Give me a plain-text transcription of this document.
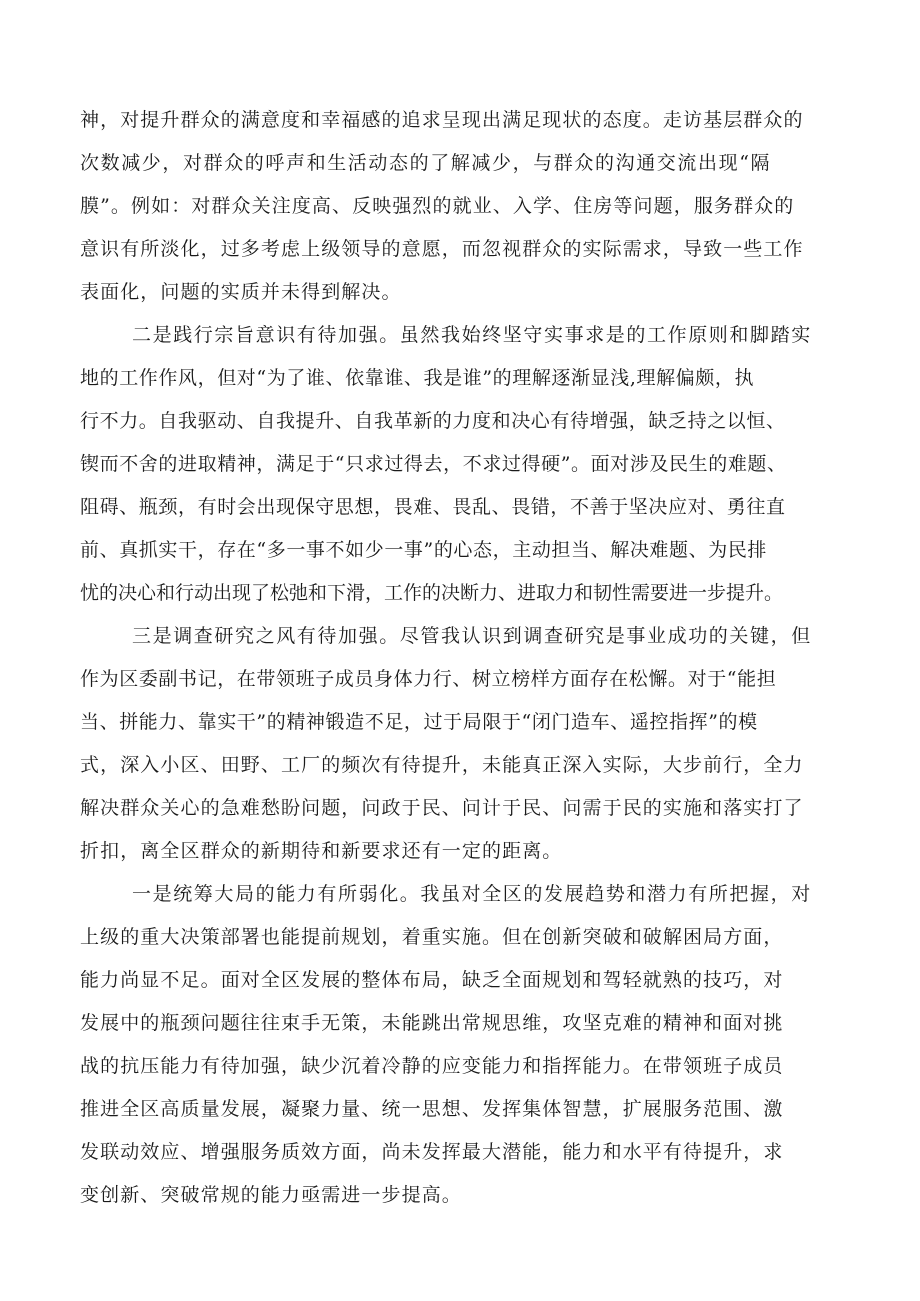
神，对提升群众的满意度和幸福感的追求呈现出满足现状的态度。走访基层群众的
次数减少，对群众的呼声和生活动态的了解减少，与群众的沟通交流出现“隔
膜”。例如：对群众关注度高、反映强烈的就业、入学、住房等问题，服务群众的
意识有所淡化，过多考虑上级领导的意愿，而忽视群众的实际需求，导致一些工作
表面化，问题的实质并未得到解决。
二是践行宗旨意识有待加强。虽然我始终坚守实事求是的工作原则和脚踏实
地的工作作风，但对“为了谁、依靠谁、我是谁”的理解逐渐显浅,理解偏颇，执
行不力。自我驱动、自我提升、自我革新的力度和决心有待增强，缺乏持之以恒、
锲而不舍的进取精神，满足于“只求过得去，不求过得硬”。面对涉及民生的难题、
阻碍、瓶颈，有时会出现保守思想，畏难、畏乱、畏错，不善于坚决应对、勇往直
前、真抓实干，存在“多一事不如少一事”的心态，主动担当、解决难题、为民排
忧的决心和行动出现了松弛和下滑，工作的决断力、进取力和韧性需要进一步提升。
三是调查研究之风有待加强。尽管我认识到调查研究是事业成功的关键，但
作为区委副书记，在带领班子成员身体力行、树立榜样方面存在松懈。对于“能担
当、拼能力、靠实干”的精神锻造不足，过于局限于“闭门造车、遥控指挥”的模
式，深入小区、田野、工厂的频次有待提升，未能真正深入实际，大步前行，全力
解决群众关心的急难愁盼问题，问政于民、问计于民、问需于民的实施和落实打了
折扣，离全区群众的新期待和新要求还有一定的距离。
一是统筹大局的能力有所弱化。我虽对全区的发展趋势和潜力有所把握，对
上级的重大决策部署也能提前规划，着重实施。但在创新突破和破解困局方面，
能力尚显不足。面对全区发展的整体布局，缺乏全面规划和驾轻就熟的技巧，对
发展中的瓶颈问题往往束手无策，未能跳出常规思维，攻坚克难的精神和面对挑
战的抗压能力有待加强，缺少沉着冷静的应变能力和指挥能力。在带领班子成员
推进全区高质量发展，凝聚力量、统一思想、发挥集体智慧，扩展服务范围、激
发联动效应、增强服务质效方面，尚未发挥最大潜能，能力和水平有待提升，求
变创新、突破常规的能力亟需进一步提高。
